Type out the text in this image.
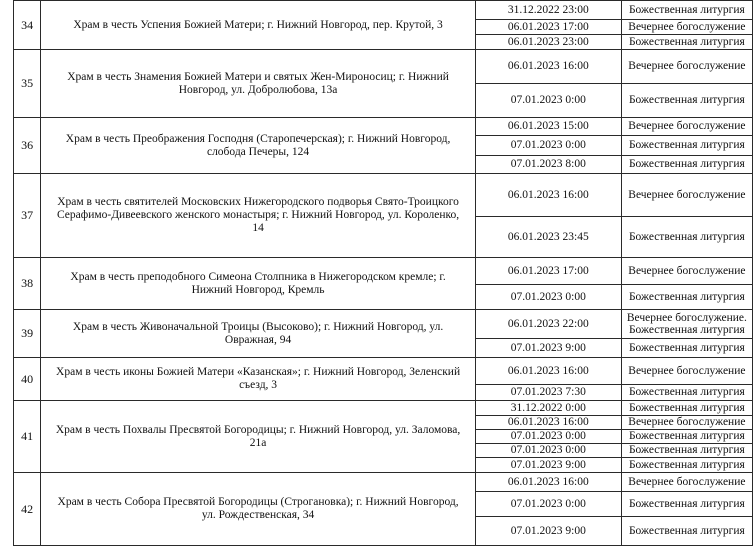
34	Храм в честь Успения Божией Матери; г. Нижний Новгород, пер. Крутой, 3	31.12.2022 23:00	Божественная литургия
		06.01.2023 17:00	Вечернее богослужение
		06.01.2023 23:00	Божественная литургия
35	Храм в честь Знамения Божией Матери и святых Жен-Мироносиц; г. Нижний Новгород, ул. Добролюбова, 13а	06.01.2023 16:00	Вечернее богослужение
		07.01.2023 0:00	Божественная литургия
36	Храм в честь Преображения Господня (Старопечерская); г. Нижний Новгород, слобода Печеры, 124	06.01.2023 15:00	Вечернее богослужение
		07.01.2023 0:00	Божественная литургия
		07.01.2023 8:00	Божественная литургия
37	Храм в честь святителей Московских Нижегородского подворья Свято-Троицкого Серафимо-Дивеевского женского монастыря; г. Нижний Новгород, ул. Короленко, 14	06.01.2023 16:00	Вечернее богослужение
		06.01.2023 23:45	Божественная литургия
38	Храм в честь преподобного Симеона Столпника в Нижегородском кремле; г. Нижний Новгород, Кремль	06.01.2023 17:00	Вечернее богослужение
		07.01.2023 0:00	Божественная литургия
39	Храм в честь Живоначальной Троицы (Высоково); г. Нижний Новгород, ул. Овражная, 94	06.01.2023 22:00	Вечернее богослужение. Божественная литургия
		07.01.2023 9:00	Божественная литургия
40	Храм в честь иконы Божией Матери «Казанская»; г. Нижний Новгород, Зеленский съезд, 3	06.01.2023 16:00	Вечернее богослужение
		07.01.2023 7:30	Божественная литургия
41	Храм в честь Похвалы Пресвятой Богородицы; г. Нижний Новгород, ул. Заломова, 21а	31.12.2022 0:00	Божественная литургия
		06.01.2023 16:00	Вечернее богослужение
		07.01.2023 0:00	Божественная литургия
		07.01.2023 0:00	Божественная литургия
		07.01.2023 9:00	Божественная литургия
42	Храм в честь Собора Пресвятой Богородицы (Строгановка); г. Нижний Новгород, ул. Рождественская, 34	06.01.2023 16:00	Вечернее богослужение
		07.01.2023 0:00	Божественная литургия
		07.01.2023 9:00	Божественная литургия
